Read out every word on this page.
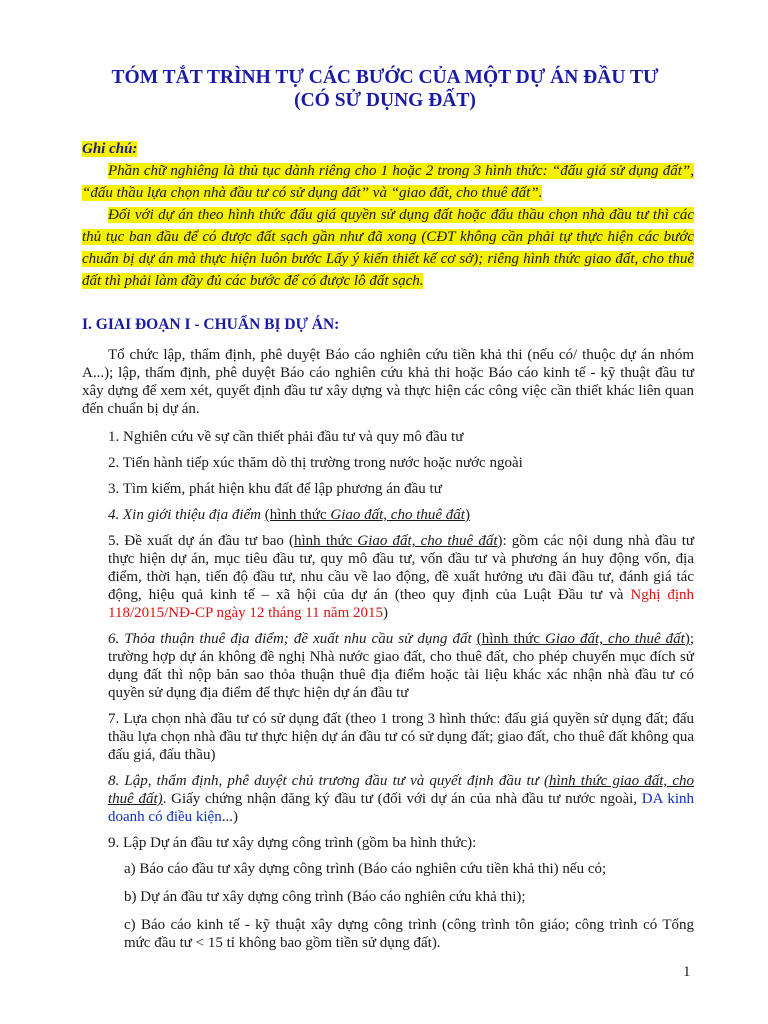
TÓM TẮT TRÌNH TỰ CÁC BƯỚC CỦA MỘT DỰ ÁN ĐẦU TƯ
(CÓ SỬ DỤNG ĐẤT)
Ghi chú:

Phần chữ nghiêng là thủ tục dành riêng cho 1 hoặc 2 trong 3 hình thức: “đấu giá sử dụng đất”, “đấu thầu lựa chọn nhà đầu tư có sử dụng đất” và “giao đất, cho thuê đất”.

Đối với dự án theo hình thức đấu giá quyền sử dụng đất hoặc đấu thầu chọn nhà đầu tư thì các thủ tục ban đầu để có được đất sạch gần như đã xong (CĐT không cần phải tự thực hiện các bước chuẩn bị dự án mà thực hiện luôn bước Lấy ý kiến thiết kế cơ sở); riêng hình thức giao đất, cho thuê đất thì phải làm đầy đủ các bước để có được lô đất sạch.

I. GIAI ĐOẠN I - CHUẨN BỊ DỰ ÁN:

Tổ chức lập, thẩm định, phê duyệt Báo cáo nghiên cứu tiền khả thi (nếu có/ thuộc dự án nhóm A...); lập, thẩm định, phê duyệt Báo cáo nghiên cứu khả thi hoặc Báo cáo kinh tế - kỹ thuật đầu tư xây dựng để xem xét, quyết định đầu tư xây dựng và thực hiện các công việc cần thiết khác liên quan đến chuẩn bị dự án.

1. Nghiên cứu về sự cần thiết phải đầu tư và quy mô đầu tư

2. Tiến hành tiếp xúc thăm dò thị trường trong nước hoặc nước ngoài

3. Tìm kiếm, phát hiện khu đất để lập phương án đầu tư

4. Xin giới thiệu địa điểm (hình thức Giao đất, cho thuê đất)

5. Đề xuất dự án đầu tư bao (hình thức Giao đất, cho thuê đất): gồm các nội dung nhà đầu tư thực hiện dự án, mục tiêu đầu tư, quy mô đầu tư, vốn đầu tư và phương án huy động vốn, địa điểm, thời hạn, tiến độ đầu tư, nhu cầu về lao động, đề xuất hưởng ưu đãi đầu tư, đánh giá tác động, hiệu quả kinh tế – xã hội của dự án (theo quy định của Luật Đầu tư và Nghị định 118/2015/NĐ-CP ngày 12 tháng 11 năm 2015)

6. Thỏa thuận thuê địa điểm; đề xuất nhu cầu sử dụng đất (hình thức Giao đất, cho thuê đất); trường hợp dự án không đề nghị Nhà nước giao đất, cho thuê đất, cho phép chuyển mục đích sử dụng đất thì nộp bản sao thỏa thuận thuê địa điểm hoặc tài liệu khác xác nhận nhà đầu tư có quyền sử dụng địa điểm để thực hiện dự án đầu tư

7. Lựa chọn nhà đầu tư có sử dụng đất (theo 1 trong 3 hình thức: đấu giá quyền sử dụng đất; đấu thầu lựa chọn nhà đầu tư thực hiện dự án đầu tư có sử dụng đất; giao đất, cho thuê đất không qua đấu giá, đấu thầu)

8. Lập, thẩm định, phê duyệt chủ trương đầu tư và quyết định đầu tư (hình thức giao đất, cho thuê đất). Giấy chứng nhận đăng ký đầu tư (đối với dự án của nhà đầu tư nước ngoài, DA kinh doanh có điều kiện...)

9. Lập Dự án đầu tư xây dựng công trình (gồm ba hình thức):

a) Báo cáo đầu tư xây dựng công trình (Báo cáo nghiên cứu tiền khả thi) nếu có;

b) Dự án đầu tư xây dựng công trình (Báo cáo nghiên cứu khả thi);

c) Báo cáo kinh tế - kỹ thuật xây dựng công trình (công trình tôn giáo; công trình có Tổng mức đầu tư < 15 tỉ không bao gồm tiền sử dụng đất).

1
